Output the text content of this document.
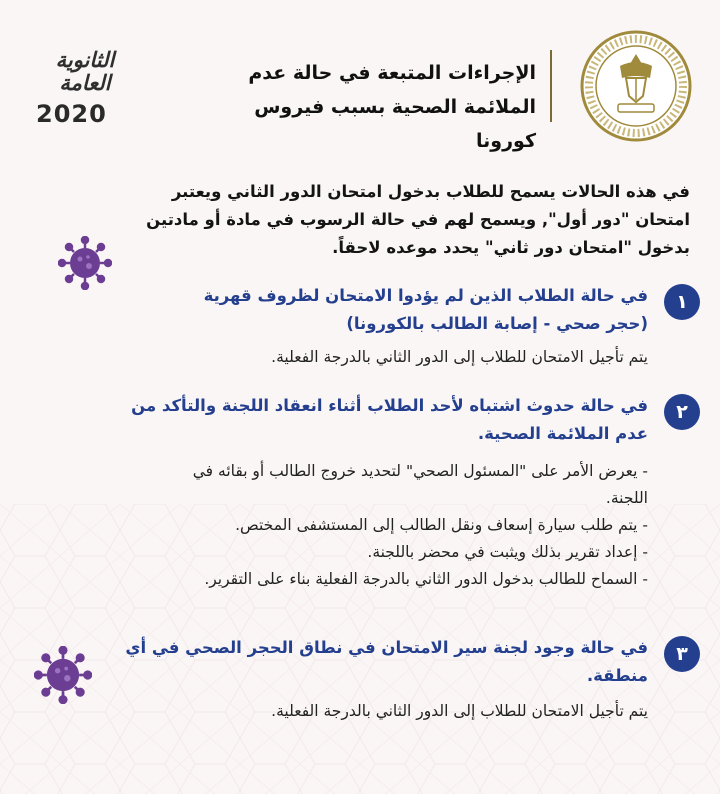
الإجراءات المتبعة في حالة عدم
الملائمة الصحية بسبب فيروس كورونا
الثانوية
العامة
2020
في هذه الحالات يسمح للطلاب بدخول امتحان الدور الثاني ويعتبر
امتحان "دور أول", ويسمح لهم في حالة الرسوب في مادة أو مادتين
بدخول "امتحان دور ثاني" يحدد موعده لاحقاً.
١
في حالة الطلاب الذين لم يؤدوا الامتحان لظروف قهرية
(حجر صحي - إصابة الطالب بالكورونا)
يتم تأجيل الامتحان للطلاب إلى الدور الثاني بالدرجة الفعلية.
٢
في حالة حدوث اشتباه لأحد الطلاب أثناء انعقاد اللجنة والتأكد من
عدم الملائمة الصحية.
- يعرض الأمر على "المسئول الصحي" لتحديد خروج الطالب أو بقائه في
اللجنة.
- يتم طلب سيارة إسعاف ونقل الطالب إلى المستشفى المختص.
- إعداد تقرير بذلك ويثبت في محضر باللجنة.
- السماح للطالب بدخول الدور الثاني بالدرجة الفعلية بناء على التقرير.
٣
في حالة وجود لجنة سير الامتحان في نطاق الحجر الصحي في أي
منطقة.
يتم تأجيل الامتحان للطلاب إلى الدور الثاني بالدرجة الفعلية.
